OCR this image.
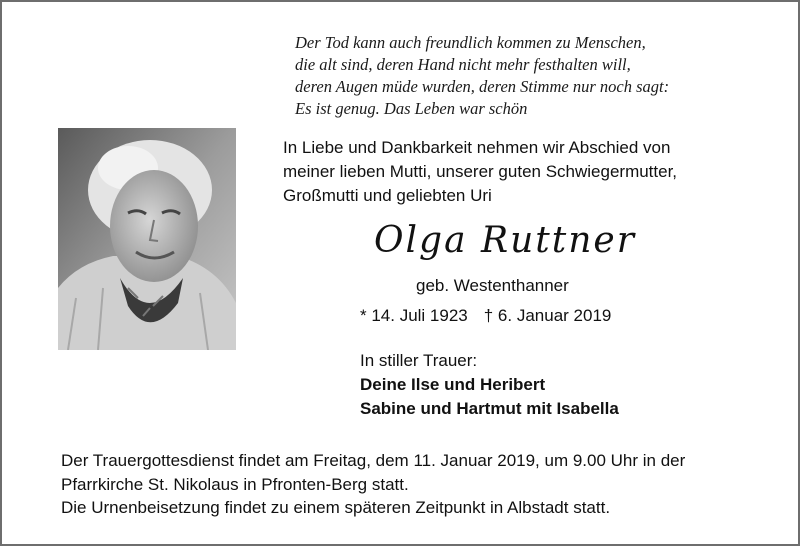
Der Tod kann auch freundlich kommen zu Menschen,
die alt sind, deren Hand nicht mehr festhalten will,
deren Augen müde wurden, deren Stimme nur noch sagt:
Es ist genug. Das Leben war schön
In Liebe und Dankbarkeit nehmen wir Abschied von
meiner lieben Mutti, unserer guten Schwiegermutter,
Großmutti und geliebten Uri
Olga Ruttner
geb. Westenthanner
* 14. Juli 1923 † 6. Januar 2019
In stiller Trauer:
Deine Ilse und Heribert
Sabine und Hartmut mit Isabella
Der Trauergottesdienst findet am Freitag, dem 11. Januar 2019, um 9.00 Uhr in der
Pfarrkirche St. Nikolaus in Pfronten-Berg statt.
Die Urnenbeisetzung findet zu einem späteren Zeitpunkt in Albstadt statt.
